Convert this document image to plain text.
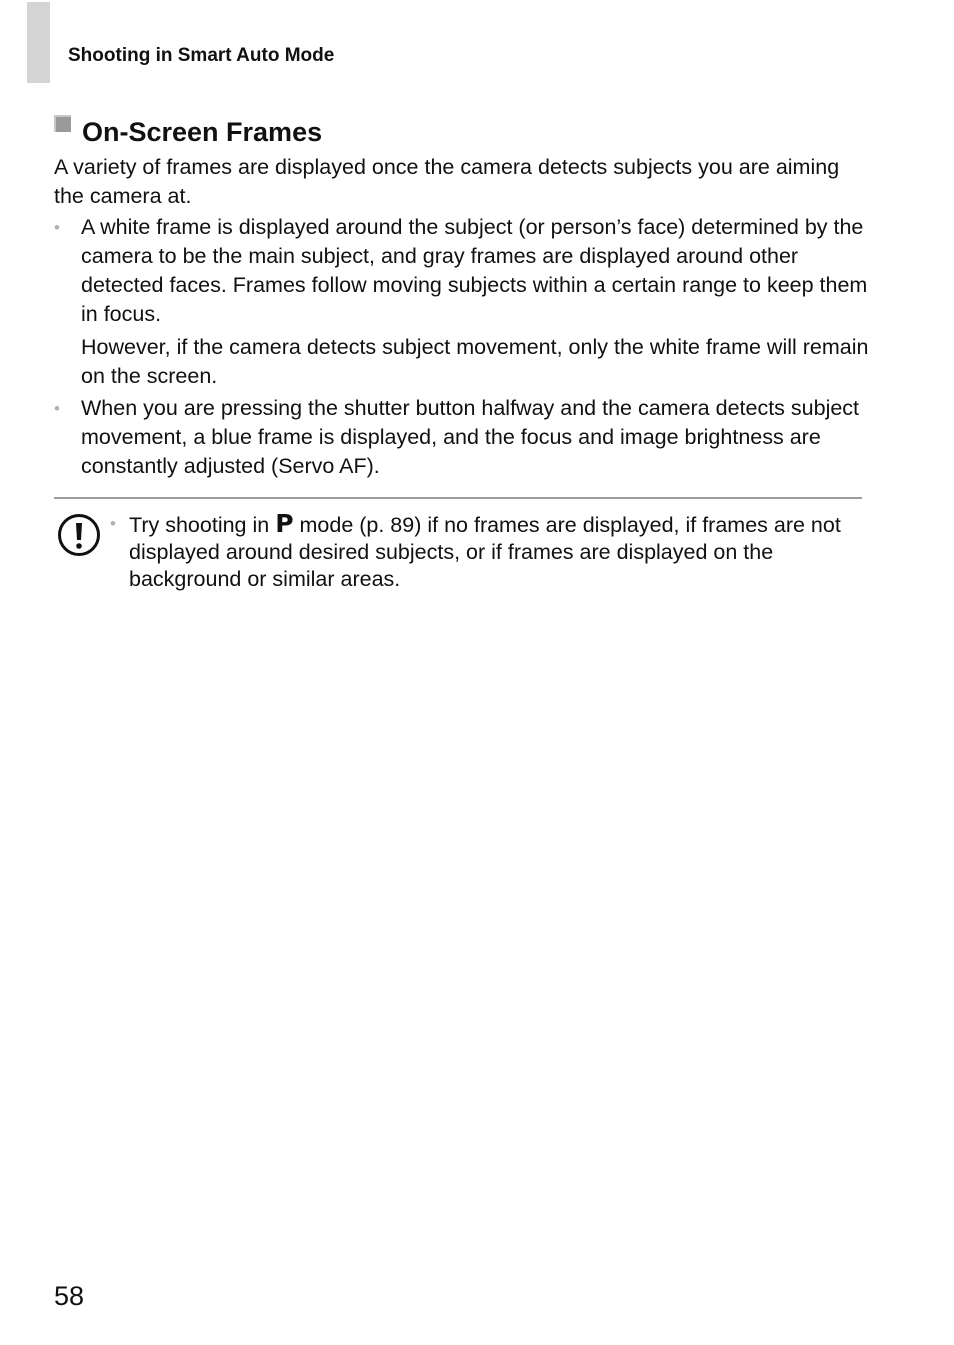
Shooting in Smart Auto Mode
On-Screen Frames

A variety of frames are displayed once the camera detects subjects you are aiming the camera at.

• A white frame is displayed around the subject (or person’s face) determined by the camera to be the main subject, and gray frames are displayed around other detected faces. Frames follow moving subjects within a certain range to keep them in focus.
However, if the camera detects subject movement, only the white frame will remain on the screen.
• When you are pressing the shutter button halfway and the camera detects subject movement, a blue frame is displayed, and the focus and image brightness are constantly adjusted (Servo AF).
• Try shooting in P mode (p. 89) if no frames are displayed, if frames are not displayed around desired subjects, or if frames are displayed on the background or similar areas.
58
